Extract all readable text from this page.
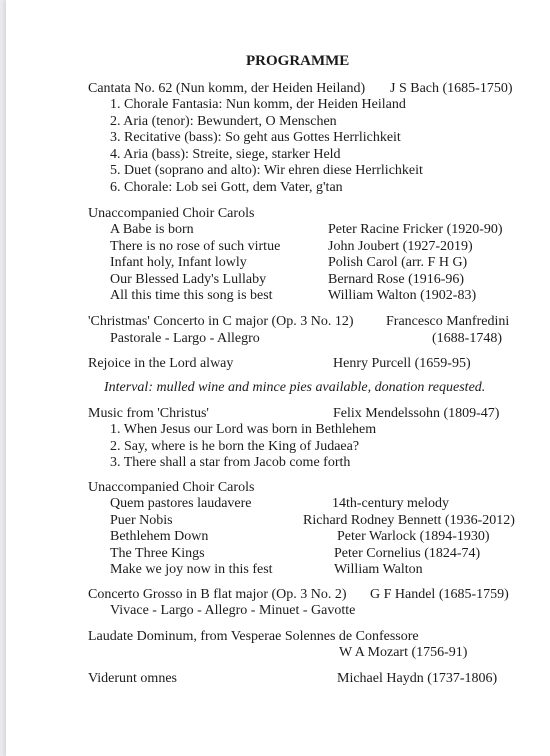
PROGRAMME
Cantata No. 62 (Nun komm, der Heiden Heiland) J S Bach (1685-1750)
1. Chorale Fantasia: Nun komm, der Heiden Heiland
2. Aria (tenor): Bewundert, O Menschen
3. Recitative (bass): So geht aus Gottes Herrlichkeit
4. Aria (bass): Streite, siege, starker Held
5. Duet (soprano and alto): Wir ehren diese Herrlichkeit
6. Chorale: Lob sei Gott, dem Vater, g'tan
Unaccompanied Choir Carols
A Babe is born	Peter Racine Fricker (1920-90)
There is no rose of such virtue	John Joubert (1927-2019)
Infant holy, Infant lowly	Polish Carol (arr. F H G)
Our Blessed Lady's Lullaby	Bernard Rose (1916-96)
All this time this song is best	William Walton (1902-83)
'Christmas' Concerto in C major (Op. 3 No. 12) Francesco Manfredini
Pastorale - Largo - Allegro	(1688-1748)
Rejoice in the Lord alway	Henry Purcell (1659-95)
Interval: mulled wine and mince pies available, donation requested.
Music from 'Christus'	Felix Mendelssohn (1809-47)
1. When Jesus our Lord was born in Bethlehem
2. Say, where is he born the King of Judaea?
3. There shall a star from Jacob come forth
Unaccompanied Choir Carols
Quem pastores laudavere	14th-century melody
Puer Nobis	Richard Rodney Bennett (1936-2012)
Bethlehem Down	Peter Warlock (1894-1930)
The Three Kings	Peter Cornelius (1824-74)
Make we joy now in this fest	William Walton
Concerto Grosso in B flat major (Op. 3 No. 2) G F Handel (1685-1759)
Vivace - Largo - Allegro - Minuet - Gavotte
Laudate Dominum, from Vesperae Solennes de Confessore
W A Mozart (1756-91)
Viderunt omnes	Michael Haydn (1737-1806)
